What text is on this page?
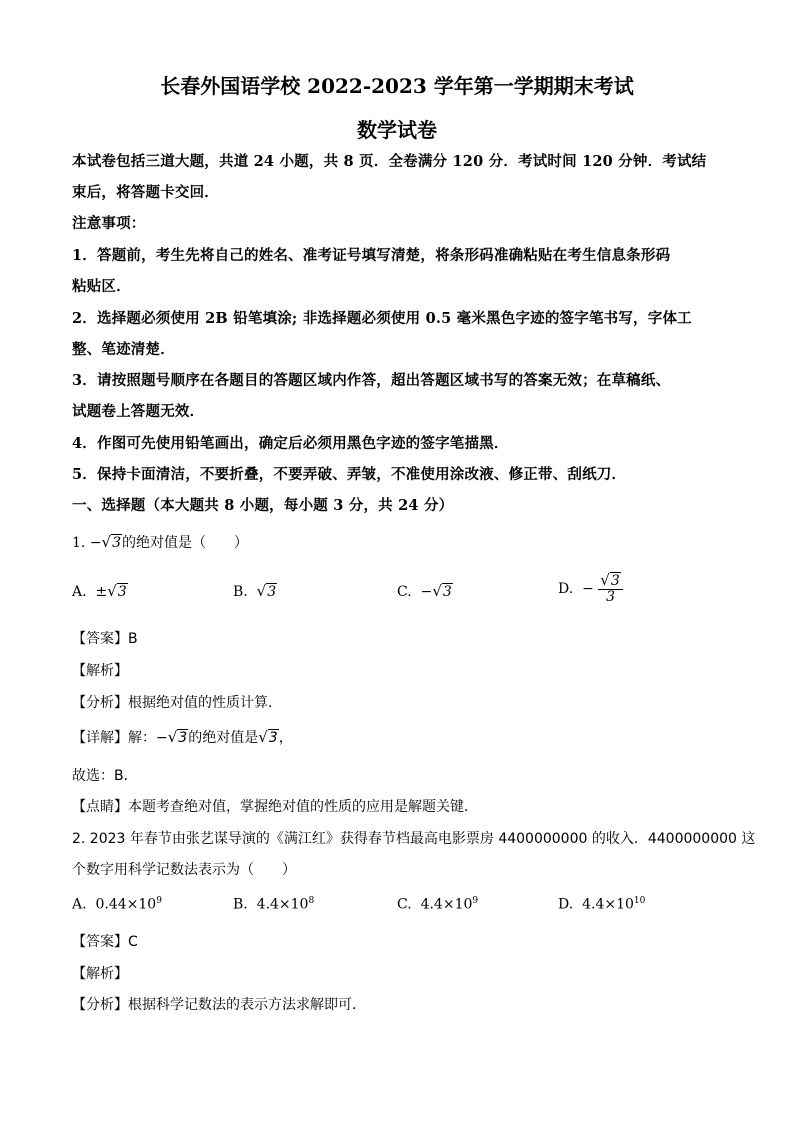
长春外国语学校 2022-2023 学年第一学期期末考试
数学试卷
本试卷包括三道大题，共道 24 小题，共 8 页．全卷满分 120 分．考试时间 120 分钟．考试结
束后，将答题卡交回．
注意事项：
1．答题前，考生先将自己的姓名、准考证号填写清楚，将条形码准确粘贴在考生信息条形码
粘贴区．
2．选择题必须使用 2B 铅笔填涂; 非选择题必须使用 0.5 毫米黑色字迹的签字笔书写，字体工
整、笔迹清楚．
3．请按照题号顺序在各题目的答题区域内作答，超出答题区域书写的答案无效；在草稿纸、
试题卷上答题无效．
4．作图可先使用铅笔画出，确定后必须用黑色字迹的签字笔描黑．
5．保持卡面清洁，不要折叠，不要弄破、弄皱，不准使用涂改液、修正带、刮纸刀．
一、选择题（本大题共 8 小题，每小题 3 分，共 24 分）
1. −√3的绝对值是（　　）
A. ±√3	B. √3	C. −√3	D. − $\frac{√3}{3}$
【答案】B
【解析】
【分析】根据绝对值的性质计算．
【详解】解：−√3的绝对值是√3，
故选：B．
【点睛】本题考查绝对值，掌握绝对值的性质的应用是解题关键．
2. 2023 年春节由张艺谋导演的《满江红》获得春节档最高电影票房 4400000000 的收入．4400000000 这
个数字用科学记数法表示为（　　）
A. $0.44\times 10^9$	B. $4.4\times 10^8$	C. $4.4\times 10^9$	D. $4.4\times 10^{10}$
【答案】C
【解析】
【分析】根据科学记数法的表示方法求解即可．
